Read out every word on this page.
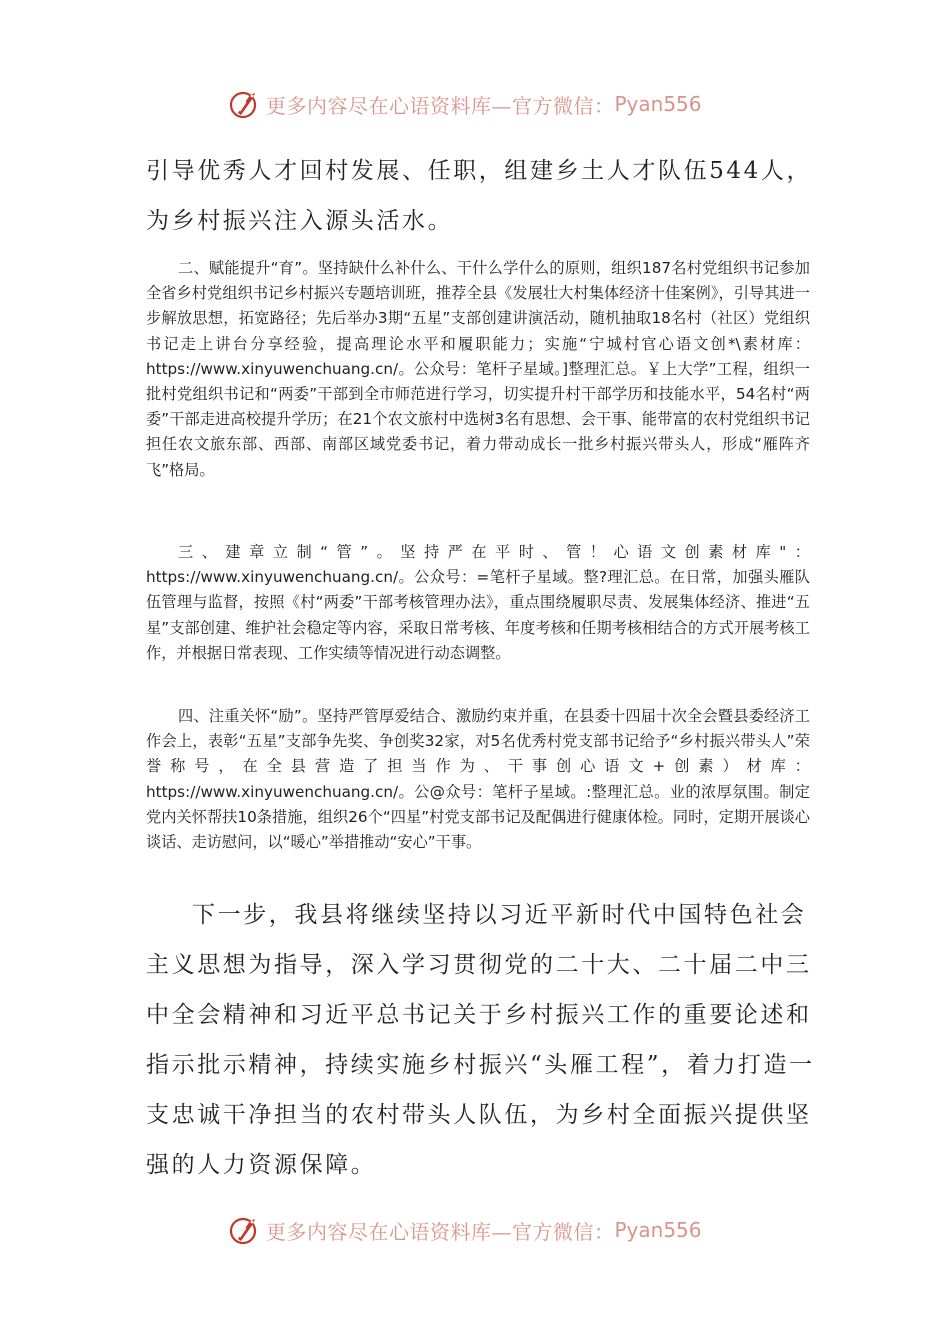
更多内容尽在心语资料库—官方微信： Pyan556

引导优秀人才回村发展、任职，组建乡土人才队伍544人，为乡村振兴注入源头活水。

二、赋能提升“育”。坚持缺什么补什么、干什么学什么的原则，组织187名村党组织书记参加全省乡村党组织书记乡村振兴专题培训班，推荐全县《发展壮大村集体经济十佳案例》，引导其进一步解放思想，拓宽路径；先后举办3期“五星”支部创建讲演活动，随机抽取18名村（社区）党组织书记走上讲台分享经验，提高理论水平和履职能力；实施“宁城村官心语文创*\素材库：https://www.xinyuwenchuang.cn/。公众号：笔杆子星域。]整理汇总。￥上大学”工程，组织一批村党组织书记和“两委”干部到全市师范进行学习，切实提升村干部学历和技能水平，54名村“两委”干部走进高校提升学历；在21个农文旅村中选树3名有思想、会干事、能带富的农村党组织书记担任农文旅东部、西部、南部区域党委书记，着力带动成长一批乡村振兴带头人，形成“雁阵齐飞”格局。

三、建章立制“管”。坚持严在平时、管！心语文创素材库"：https://www.xinyuwenchuang.cn/。公众号：=笔杆子星域。整?理汇总。在日常，加强头雁队伍管理与监督，按照《村“两委”干部考核管理办法》，重点围绕履职尽责、发展集体经济、推进“五星”支部创建、维护社会稳定等内容，采取日常考核、年度考核和任期考核相结合的方式开展考核工作，并根据日常表现、工作实绩等情况进行动态调整。

四、注重关怀“励”。坚持严管厚爱结合、激励约束并重，在县委十四届十次全会暨县委经济工作会上，表彰“五星”支部争先奖、争创奖32家，对5名优秀村党支部书记给予“乡村振兴带头人”荣誉称号，在全县营造了担当作为、干事创心语文+创素）材库：https://www.xinyuwenchuang.cn/。公@众号：笔杆子星域。:整理汇总。业的浓厚氛围。制定党内关怀帮扶10条措施，组织26个“四星”村党支部书记及配偶进行健康体检。同时，定期开展谈心谈话、走访慰问，以“暖心”举措推动“安心”干事。

下一步，我县将继续坚持以习近平新时代中国特色社会主义思想为指导，深入学习贯彻党的二十大、二十届二中三中全会精神和习近平总书记关于乡村振兴工作的重要论述和指示批示精神，持续实施乡村振兴“头雁工程”，着力打造一支忠诚干净担当的农村带头人队伍，为乡村全面振兴提供坚强的人力资源保障。

更多内容尽在心语资料库—官方微信： Pyan556
